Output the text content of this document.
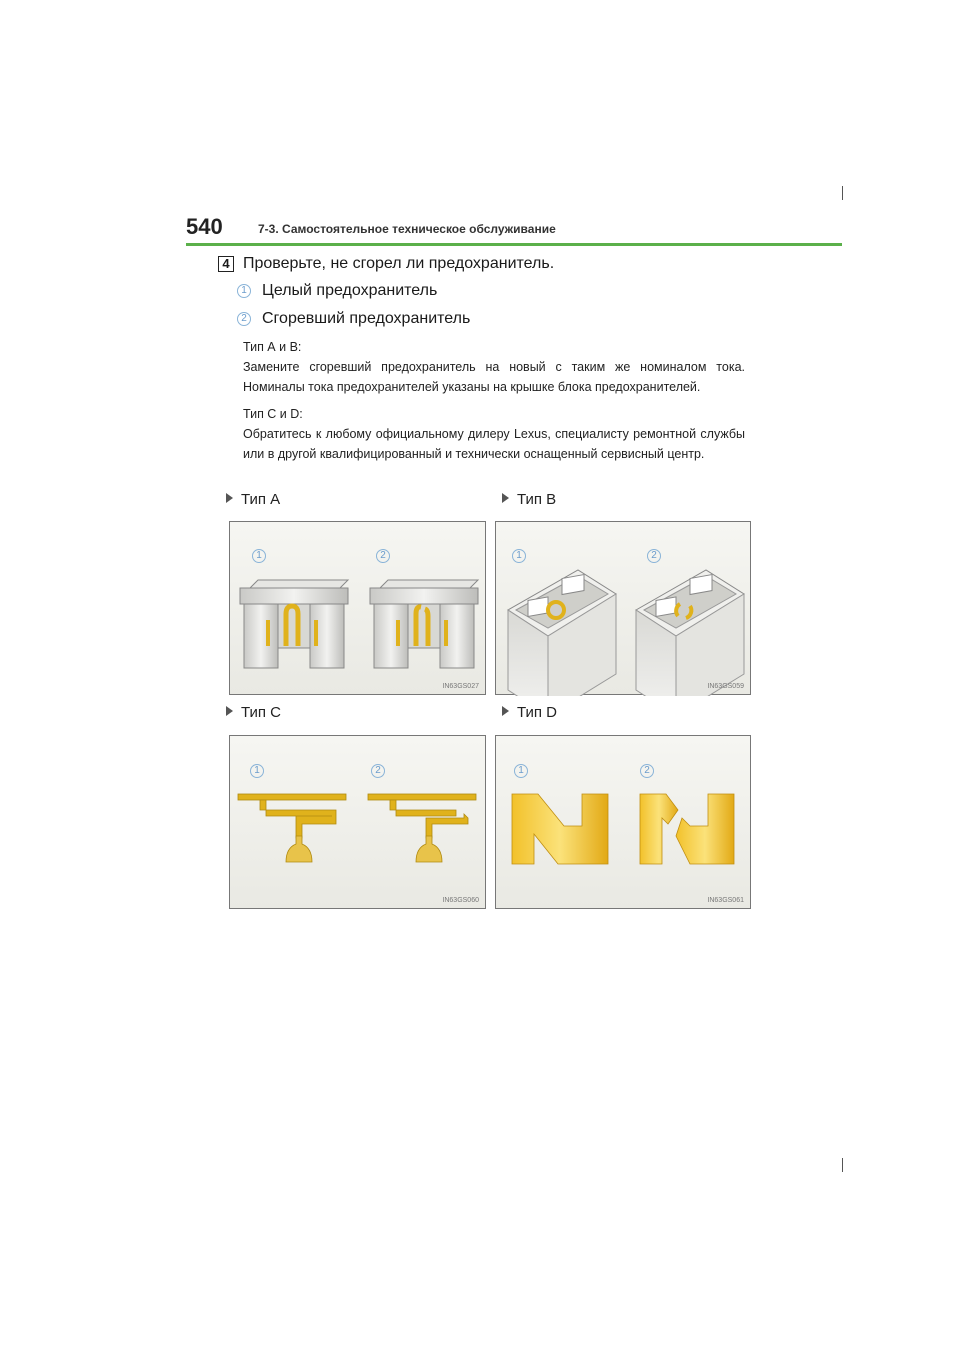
540	7-3. Самостоятельное техническое обслуживание
4 Проверьте, не сгорел ли предохранитель.
1 Целый предохранитель
2 Сгоревший предохранитель
Тип А и В:
Замените сгоревший предохранитель на новый с таким же номиналом тока. Номиналы тока предохранителей указаны на крышке блока предохранителей.
Тип С и D:
Обратитесь к любому официальному дилеру Lexus, специалисту ремонтной службы или в другой квалифицированный и технически оснащенный сервисный центр.
Тип А	Тип В
Тип С	Тип D
1	2
IN63GS027
1	2
IN63GS059
1	2
IN63GS060
1	2
IN63GS061
